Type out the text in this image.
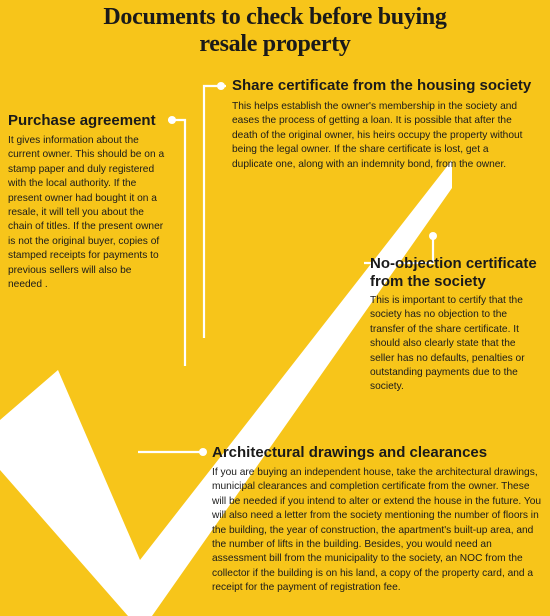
Documents to check before buying
resale property
Purchase agreement
It gives information about the current owner. This should be on a stamp paper and duly registered with the local authority. If the present owner had bought it on a resale, it will tell you about the chain of titles. If the present owner is not the original buyer, copies of stamped receipts for payments to previous sellers will also be needed .
Share certificate from the housing society
This helps establish the owner's membership in the society and eases the process of getting a loan. It is possible that after the death of the original owner, his heirs occupy the property without being the legal owner. If the share certificate is lost, get a duplicate one, along with an indemnity bond, from the owner.
No-objection certificate from the society
This is important to certify that the society has no objection to the transfer of the share certificate. It should also clearly state that the seller has no defaults, penalties or outstanding payments due to the society.
Architectural drawings and clearances
If you are buying an independent house, take the architectural drawings, municipal clearances and completion certificate from the owner. These will be needed if you intend to alter or extend the house in the future. You will also need a letter from the society mentioning the number of floors in the building, the year of construction, the apartment's built-up area, and the number of lifts in the building. Besides, you would need an assessment bill from the municipality to the society, an NOC from the collector if the building is on his land, a copy of the property card, and a receipt for the payment of registration fee.
